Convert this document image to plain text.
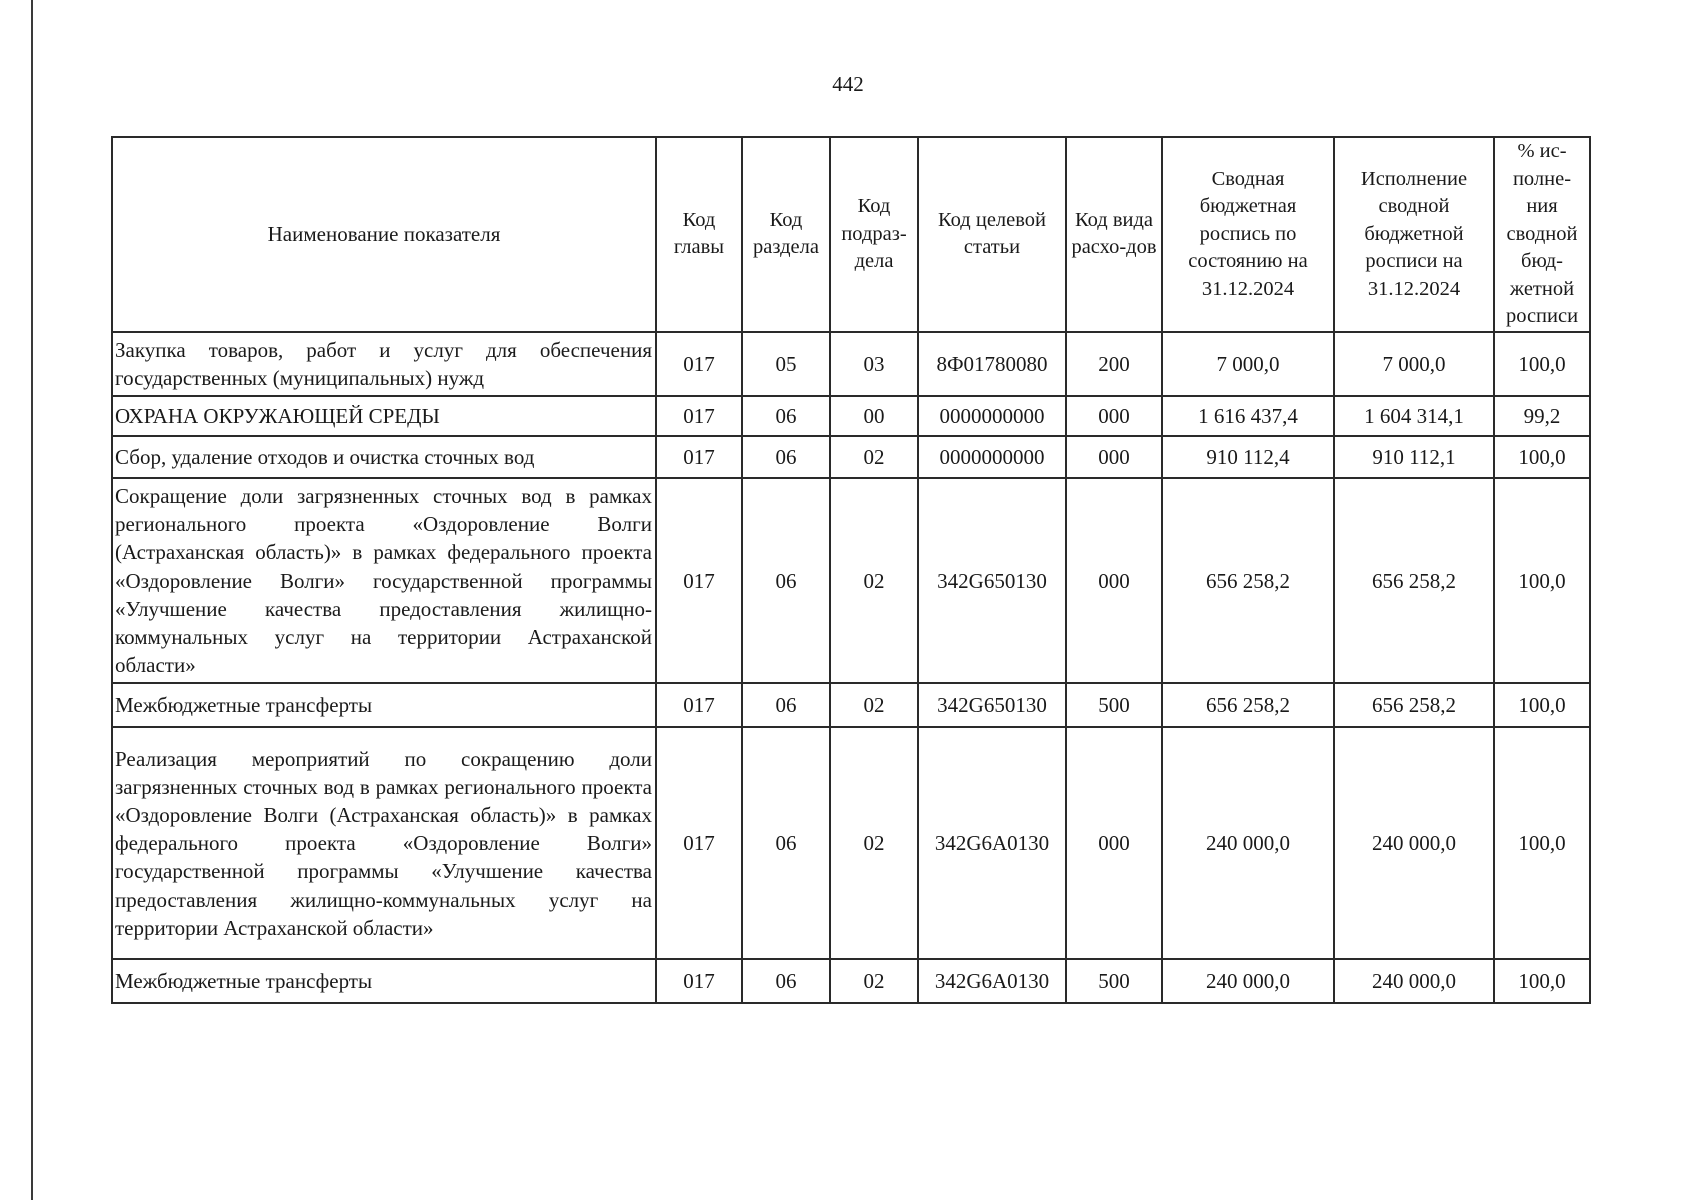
442
Наименование показателя	Код главы	Код раздела	Код подраз-дела	Код целевой статьи	Код вида расхо-дов	Сводная бюджетная роспись по состоянию на 31.12.2024	Исполнение сводной бюджетной росписи на 31.12.2024	% ис-полне-ния сводной бюд-жетной росписи
Закупка товаров, работ и услуг для обеспечения государственных (муниципальных) нужд	017	05	03	8Ф01780080	200	7 000,0	7 000,0	100,0
ОХРАНА ОКРУЖАЮЩЕЙ СРЕДЫ	017	06	00	0000000000	000	1 616 437,4	1 604 314,1	99,2
Сбор, удаление отходов и очистка сточных вод	017	06	02	0000000000	000	910 112,4	910 112,1	100,0
Сокращение доли загрязненных сточных вод в рамках регионального проекта «Оздоровление Волги (Астраханская область)» в рамках федерального проекта «Оздоровление Волги» государственной программы «Улучшение качества предоставления жилищно-коммунальных услуг на территории Астраханской области»	017	06	02	342G650130	000	656 258,2	656 258,2	100,0
Межбюджетные трансферты	017	06	02	342G650130	500	656 258,2	656 258,2	100,0
Реализация мероприятий по сокращению доли загрязненных сточных вод в рамках регионального проекта «Оздоровление Волги (Астраханская область)» в рамках федерального проекта «Оздоровление Волги» государственной программы «Улучшение качества предоставления жилищно-коммунальных услуг на территории Астраханской области»	017	06	02	342G6A0130	000	240 000,0	240 000,0	100,0
Межбюджетные трансферты	017	06	02	342G6A0130	500	240 000,0	240 000,0	100,0
